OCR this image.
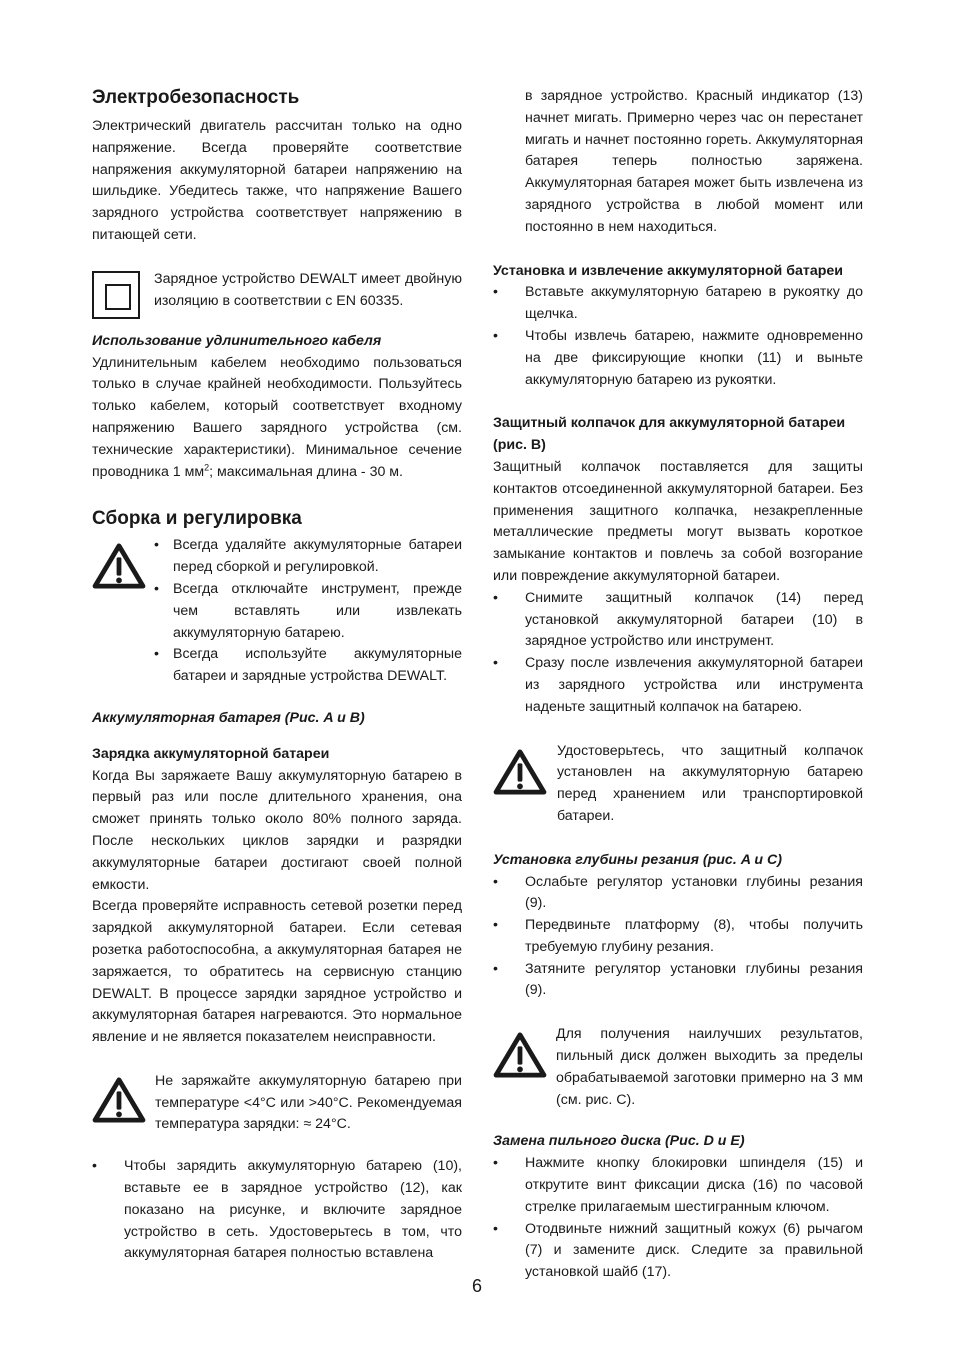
Электробезопасность

Электрический двигатель рассчитан только на одно напряжение. Всегда проверяйте соответствие напряжения аккумуляторной батареи напряжению на шильдике. Убедитесь также, что напряжение Вашего зарядного устройства соответствует напряжению в питающей сети.

Зарядное устройство DEWALT имеет двойную изоляцию в соответствии с EN 60335.

Использование удлинительного кабеля

Удлинительным кабелем необходимо пользоваться только в случае крайней необходимости. Пользуйтесь только кабелем, который соответствует входному напряжению Вашего зарядного устройства (см. технические характеристики). Минимальное сечение проводника 1 $мм^2$; максимальная длина - 30 м.

Сборка и регулировка
• Всегда удаляйте аккумуляторные батареи перед сборкой и регулировкой.
• Всегда отключайте инструмент, прежде чем вставлять или извлекать аккумуляторную батарею.
• Всегда используйте аккумуляторные батареи и зарядные устройства DEWALT.

Аккумуляторная батарея (Рис. A и B)

Зарядка аккумуляторной батареи

Когда Вы заряжаете Вашу аккумуляторную батарею в первый раз или после длительного хранения, она сможет принять только около 80% полного заряда. После нескольких циклов зарядки и разрядки аккумуляторные батареи достигают своей полной емкости.

Всегда проверяйте исправность сетевой розетки перед зарядкой аккумуляторной батареи. Если сетевая розетка работоспособна, а аккумуляторная батарея не заряжается, то обратитесь на сервисную станцию DEWALT. В процессе зарядки зарядное устройство и аккумуляторная батарея нагреваются. Это нормальное явление и не является показателем неисправности.

Не заряжайте аккумуляторную батарею при температуре <4°C или >40°C. Рекомендуемая температура зарядки: ≈ 24°C.
• Чтобы зарядить аккумуляторную батарею (10), вставьте ее в зарядное устройство (12), как показано на рисунке, и включите зарядное устройство в сеть. Удостоверьтесь в том, что аккумуляторная батарея полностью вставлена

в зарядное устройство. Красный индикатор (13) начнет мигать. Примерно через час он перестанет мигать и начнет постоянно гореть. Аккумуляторная батарея теперь полностью заряжена. Аккумуляторная батарея может быть извлечена из зарядного устройства в любой момент или постоянно в нем находиться.

Установка и извлечение аккумуляторной батареи

• Вставьте аккумуляторную батарею в рукоятку до щелчка.
• Чтобы извлечь батарею, нажмите одновременно на две фиксирующие кнопки (11) и выньте аккумуляторную батарею из рукоятки.

Защитный колпачок для аккумуляторной батареи (рис. B)

Защитный колпачок поставляется для защиты контактов отсоединенной аккумуляторной батареи. Без применения защитного колпачка, незакрепленные металлические предметы могут вызвать короткое замыкание контактов и повлечь за собой возгорание или повреждение аккумуляторной батареи.

• Снимите защитный колпачок (14) перед установкой аккумуляторной батареи (10) в зарядное устройство или инструмент.
• Сразу после извлечения аккумуляторной батареи из зарядного устройства или инструмента наденьте защитный колпачок на батарею.
Удостоверьтесь, что защитный колпачок установлен на аккумуляторную батарею перед хранением или транспортировкой батареи.

Установка глубины резания (рис. A и C)

• Ослабьте регулятор установки глубины резания (9).
• Передвиньте платформу (8), чтобы получить требуемую глубину резания.
• Затяните регулятор установки глубины резания (9).
Для получения наилучших результатов, пильный диск должен выходить за пределы обрабатываемой заготовки примерно на 3 мм (см. рис. C).

Замена пильного диска (Рис. D и E)

• Нажмите кнопку блокировки шпинделя (15) и открутите винт фиксации диска (16) по часовой стрелке прилагаемым шестигранным ключом.
• Отодвиньте нижний защитный кожух (6) рычагом (7) и замените диск. Следите за правильной установкой шайб (17).
6
